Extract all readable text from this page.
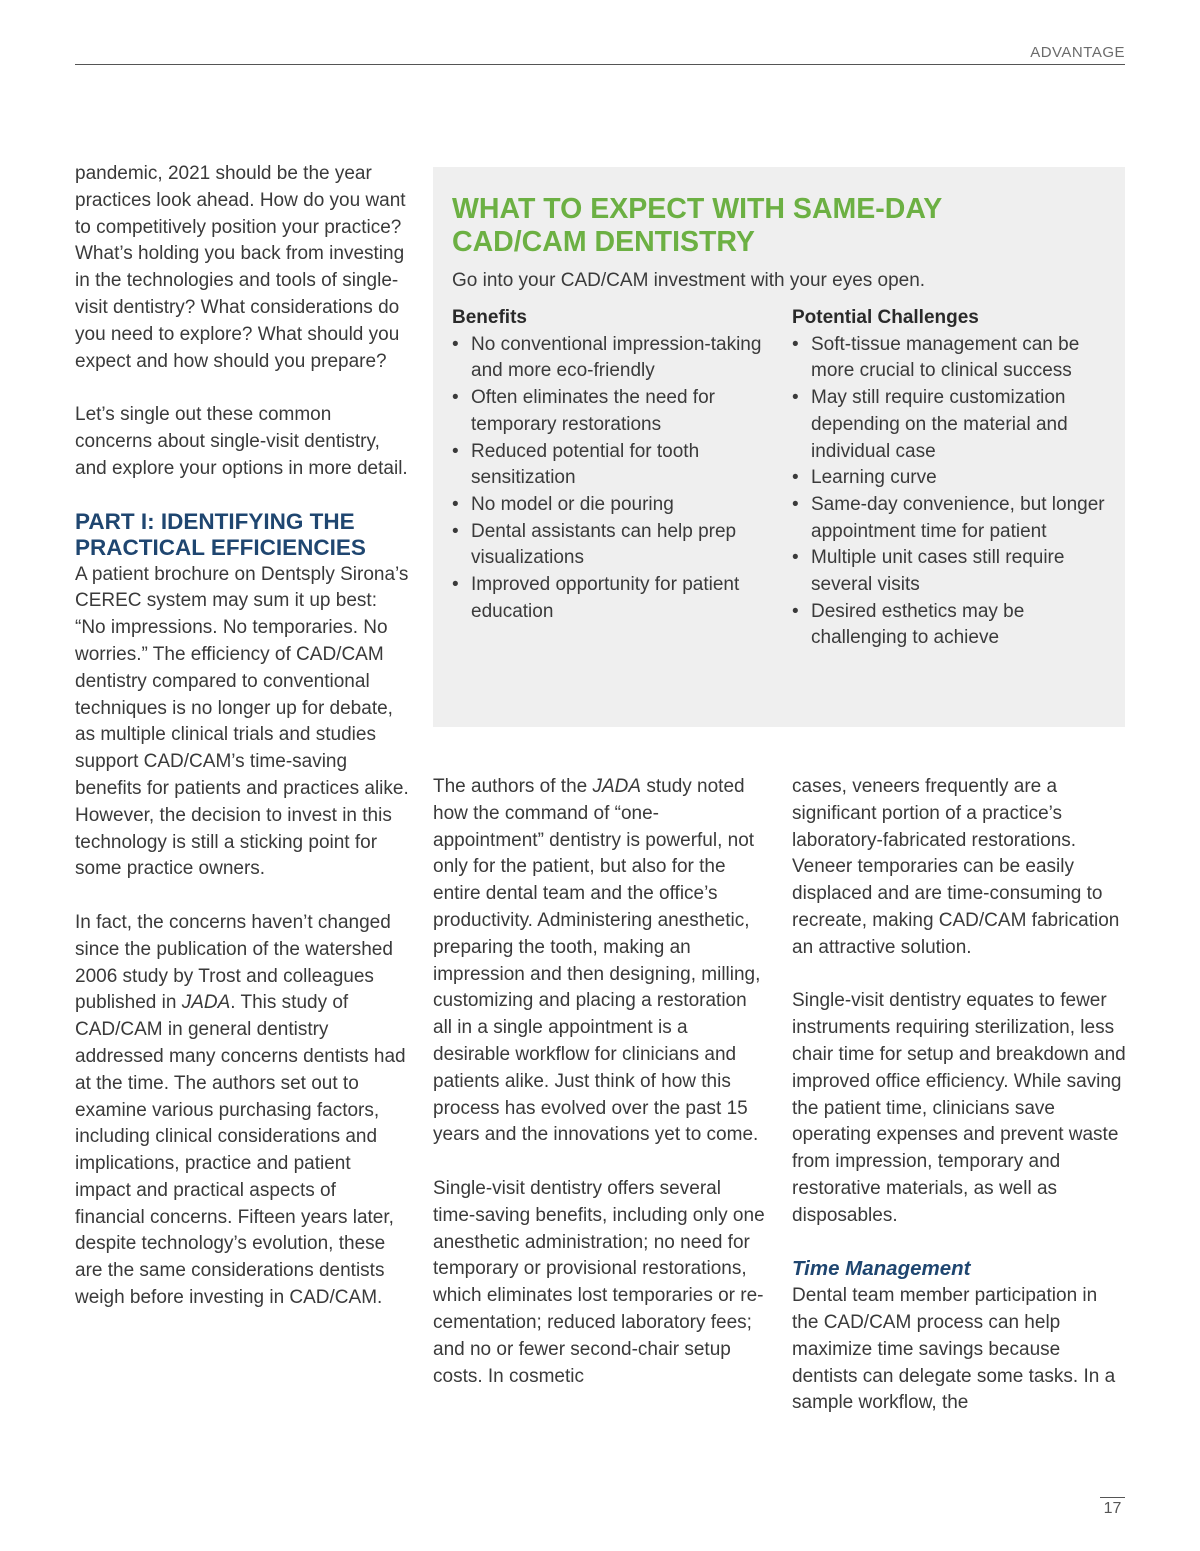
ADVANTAGE

pandemic, 2021 should be the year practices look ahead. How do you want to competitively position your practice? What’s holding you back from investing in the technologies and tools of single-visit dentistry? What considerations do you need to explore? What should you expect and how should you prepare?

Let’s single out these common concerns about single-visit dentistry, and explore your options in more detail.

PART I: IDENTIFYING THE PRACTICAL EFFICIENCIES

A patient brochure on Dentsply Sirona’s CEREC system may sum it up best: “No impressions. No temporaries. No worries.” The efficiency of CAD/CAM dentistry compared to conventional techniques is no longer up for debate, as multiple clinical trials and studies support CAD/CAM’s time-saving benefits for patients and practices alike. However, the decision to invest in this technology is still a sticking point for some practice owners.

In fact, the concerns haven’t changed since the publication of the watershed 2006 study by Trost and colleagues published in JADA. This study of CAD/CAM in general dentistry addressed many concerns dentists had at the time. The authors set out to examine various purchasing factors, including clinical considerations and implications, practice and patient impact and practical aspects of financial concerns. Fifteen years later, despite technology’s evolution, these are the same considerations dentists weigh before investing in CAD/CAM.

WHAT TO EXPECT WITH SAME-DAY CAD/CAM DENTISTRY

Go into your CAD/CAM investment with your eyes open.

Benefits
• No conventional impression-taking and more eco-friendly
• Often eliminates the need for temporary restorations
• Reduced potential for tooth sensitization
• No model or die pouring
• Dental assistants can help prep visualizations
• Improved opportunity for patient education
Potential Challenges
• Soft-tissue management can be more crucial to clinical success
• May still require customization depending on the material and individual case
• Learning curve
• Same-day convenience, but longer appointment time for patient
• Multiple unit cases still require several visits
• Desired esthetics may be challenging to achieve

The authors of the JADA study noted how the command of “one-appointment” dentistry is powerful, not only for the patient, but also for the entire dental team and the office’s productivity. Administering anesthetic, preparing the tooth, making an impression and then designing, milling, customizing and placing a restoration all in a single appointment is a desirable workflow for clinicians and patients alike. Just think of how this process has evolved over the past 15 years and the innovations yet to come.

Single-visit dentistry offers several time-saving benefits, including only one anesthetic administration; no need for temporary or provisional restorations, which eliminates lost temporaries or re-cementation; reduced laboratory fees; and no or fewer second-chair setup costs. In cosmetic

cases, veneers frequently are a significant portion of a practice’s laboratory-fabricated restorations. Veneer temporaries can be easily displaced and are time-consuming to recreate, making CAD/CAM fabrication an attractive solution.

Single-visit dentistry equates to fewer instruments requiring sterilization, less chair time for setup and breakdown and improved office efficiency. While saving the patient time, clinicians save operating expenses and prevent waste from impression, temporary and restorative materials, as well as disposables.

Time Management

Dental team member participation in the CAD/CAM process can help maximize time savings because dentists can delegate some tasks. In a sample workflow, the

17
